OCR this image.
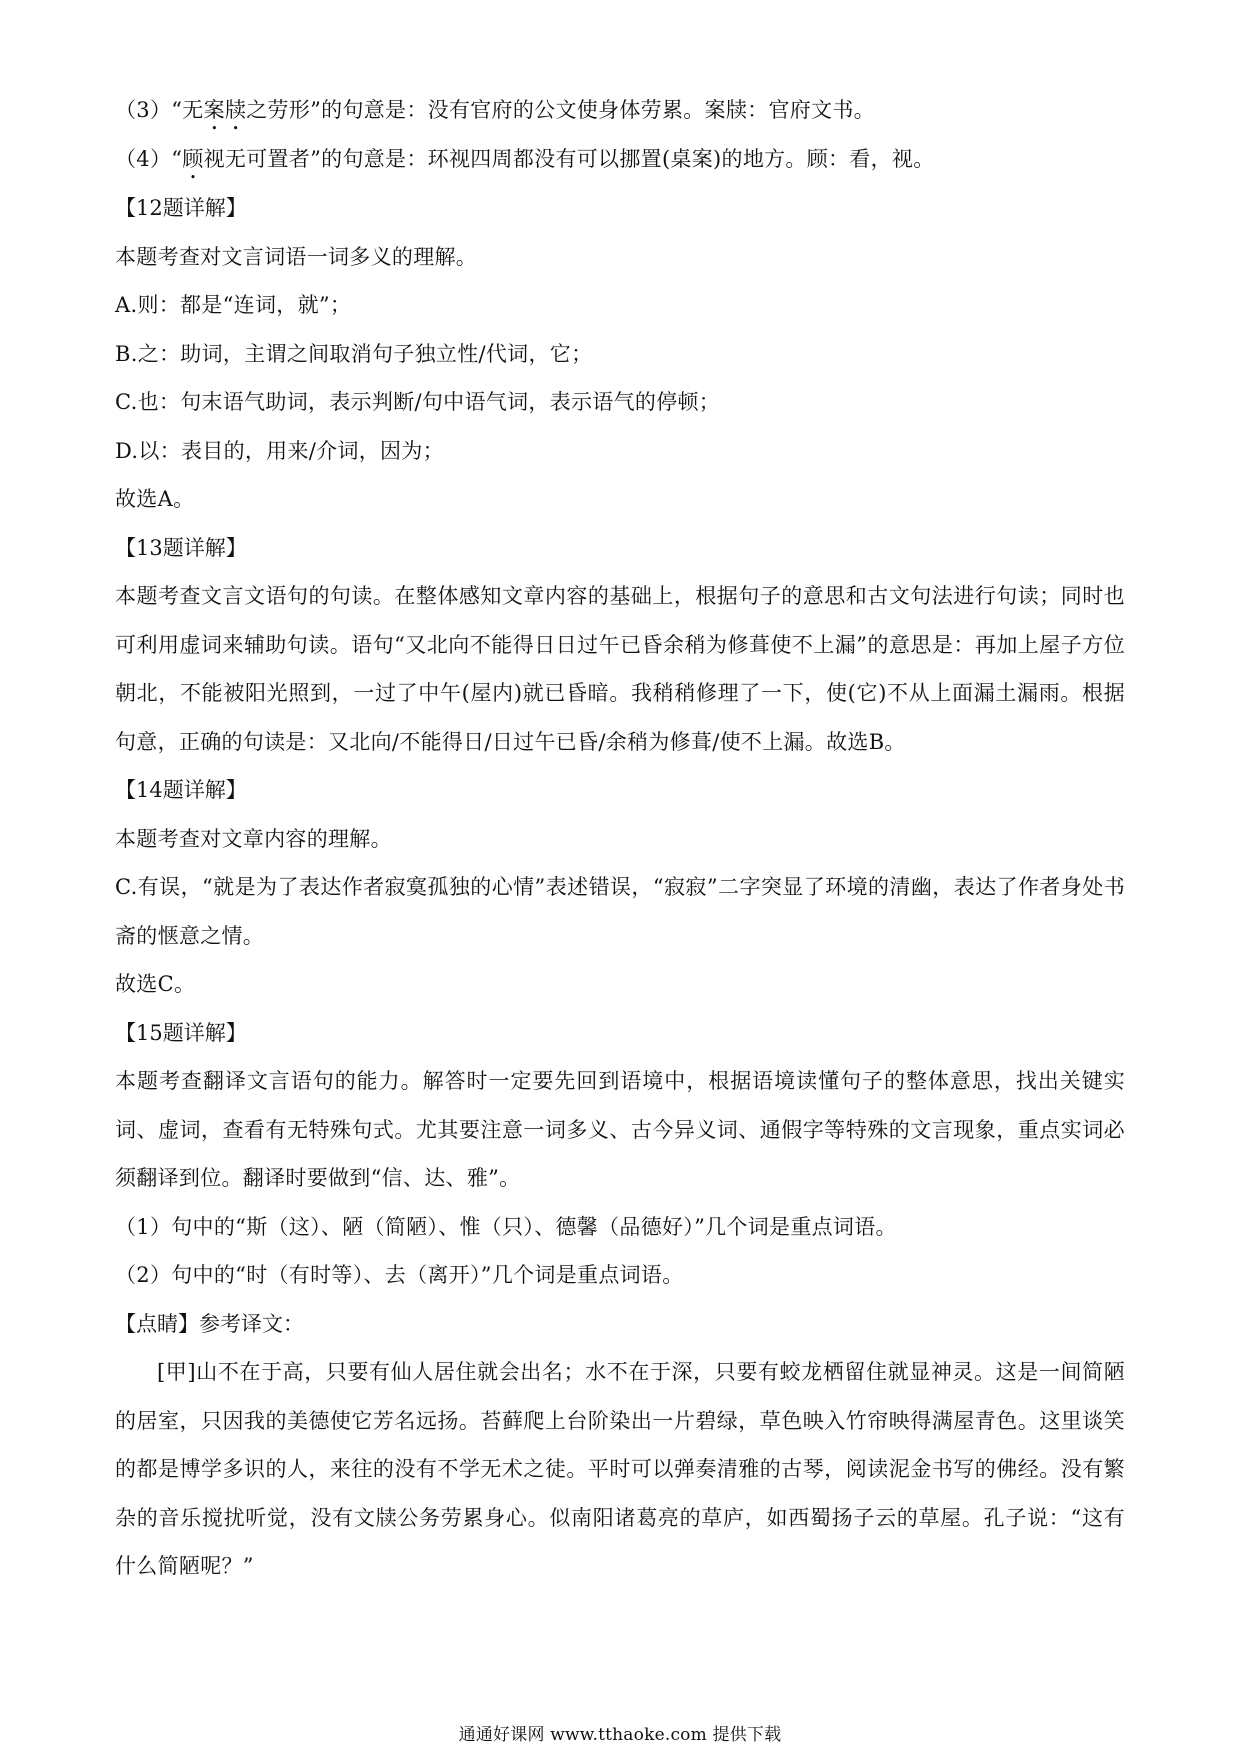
（3）“无案牍之劳形”的句意是：没有官府的公文使身体劳累。案牍：官府文书。
（4）“顾视无可置者”的句意是：环视四周都没有可以挪置(桌案)的地方。顾：看，视。
【12题详解】
本题考查对文言词语一词多义的理解。
A.则：都是“连词，就”；
B.之：助词，主谓之间取消句子独立性/代词，它；
C.也：句末语气助词，表示判断/句中语气词，表示语气的停顿；
D.以：表目的，用来/介词，因为；
故选A。
【13题详解】
本题考查文言文语句的句读。在整体感知文章内容的基础上，根据句子的意思和古文句法进行句读；同时也可利用虚词来辅助句读。语句“又北向不能得日日过午已昏余稍为修葺使不上漏”的意思是：再加上屋子方位朝北，不能被阳光照到，一过了中午(屋内)就已昏暗。我稍稍修理了一下，使(它)不从上面漏土漏雨。根据句意，正确的句读是：又北向/不能得日/日过午已昏/余稍为修葺/使不上漏。故选B。
【14题详解】
本题考查对文章内容的理解。
C.有误，“就是为了表达作者寂寞孤独的心情”表述错误，“寂寂”二字突显了环境的清幽，表达了作者身处书斋的惬意之情。
故选C。
【15题详解】
本题考查翻译文言语句的能力。解答时一定要先回到语境中，根据语境读懂句子的整体意思，找出关键实词、虚词，查看有无特殊句式。尤其要注意一词多义、古今异义词、通假字等特殊的文言现象，重点实词必须翻译到位。翻译时要做到“信、达、雅”。
（1）句中的“斯（这）、陋（简陋）、惟（只）、德馨（品德好）”几个词是重点词语。
（2）句中的“时（有时等）、去（离开）”几个词是重点词语。
【点睛】参考译文：
[甲]山不在于高，只要有仙人居住就会出名；水不在于深，只要有蛟龙栖留住就显神灵。这是一间简陋的居室，只因我的美德使它芳名远扬。苔藓爬上台阶染出一片碧绿，草色映入竹帘映得满屋青色。这里谈笑的都是博学多识的人，来往的没有不学无术之徒。平时可以弹奏清雅的古琴，阅读泥金书写的佛经。没有繁杂的音乐搅扰听觉，没有文牍公务劳累身心。似南阳诸葛亮的草庐，如西蜀扬子云的草屋。孔子说：“这有什么简陋呢？”
通通好课网 www.tthaoke.com 提供下载
